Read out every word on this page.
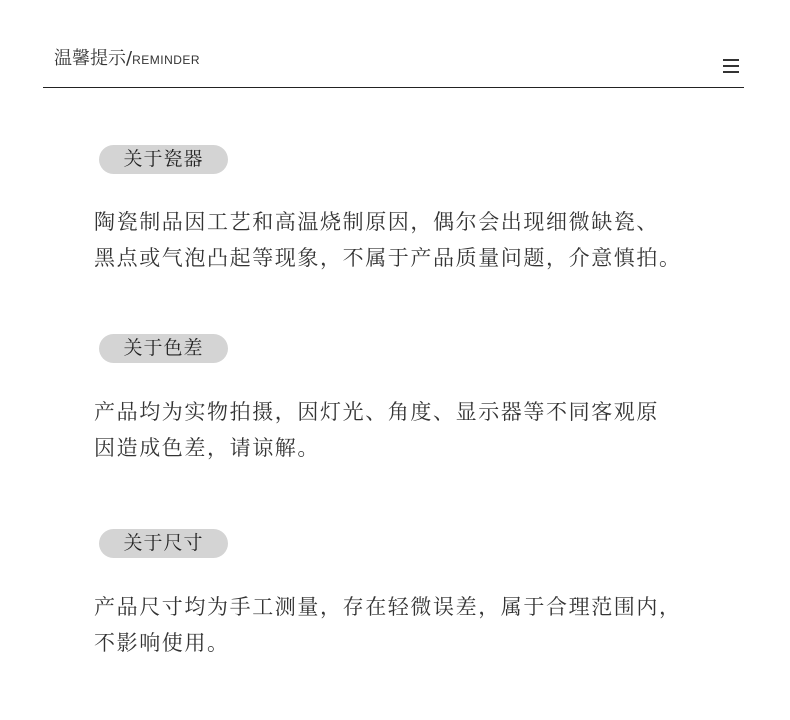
温馨提示/REMINDER
关于瓷器

陶瓷制品因工艺和高温烧制原因，偶尔会出现细微缺瓷、
黑点或气泡凸起等现象，不属于产品质量问题，介意慎拍。

关于色差

产品均为实物拍摄，因灯光、角度、显示器等不同客观原
因造成色差，请谅解。

关于尺寸

产品尺寸均为手工测量，存在轻微误差，属于合理范围内，
不影响使用。
